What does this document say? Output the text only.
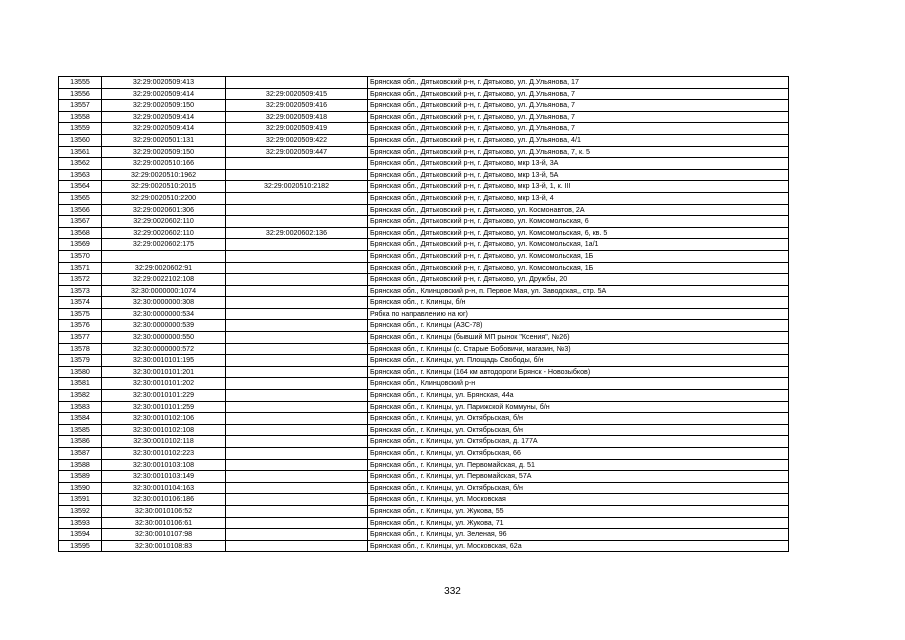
13555	32:29:0020509:413		Брянская обл., Дятьковский р-н, г. Дятьково, ул. Д.Ульянова, 17
13556	32:29:0020509:414	32:29:0020509:415	Брянская обл., Дятьковский р-н, г. Дятьково, ул. Д.Ульянова, 7
13557	32:29:0020509:150	32:29:0020509:416	Брянская обл., Дятьковский р-н, г. Дятьково, ул. Д.Ульянова, 7
13558	32:29:0020509:414	32:29:0020509:418	Брянская обл., Дятьковский р-н, г. Дятьково, ул. Д.Ульянова, 7
13559	32:29:0020509:414	32:29:0020509:419	Брянская обл., Дятьковский р-н, г. Дятьково, ул. Д.Ульянова, 7
13560	32:29:0020501:131	32:29:0020509:422	Брянская обл., Дятьковский р-н, г. Дятьково, ул. Д.Ульянова, 4/1
13561	32:29:0020509:150	32:29:0020509:447	Брянская обл., Дятьковский р-н, г. Дятьково, ул. Д.Ульянова, 7, к. 5
13562	32:29:0020510:166		Брянская обл., Дятьковский р-н, г. Дятьково, мкр 13-й, 3А
13563	32:29:0020510:1962		Брянская обл., Дятьковский р-н, г. Дятьково, мкр 13-й, 5А
13564	32:29:0020510:2015	32:29:0020510:2182	Брянская обл., Дятьковский р-н, г. Дятьково, мкр 13-й, 1, к. III
13565	32:29:0020510:2200		Брянская обл., Дятьковский р-н, г. Дятьково, мкр 13-й, 4
13566	32:29:0020601:306		Брянская обл., Дятьковский р-н, г. Дятьково, ул. Космонавтов, 2А
13567	32:29:0020602:110		Брянская обл., Дятьковский р-н, г. Дятьково, ул. Комсомольская, 6
13568	32:29:0020602:110	32:29:0020602:136	Брянская обл., Дятьковский р-н, г. Дятьково, ул. Комсомольская, 6, кв. 5
13569	32:29:0020602:175		Брянская обл., Дятьковский р-н, г. Дятьково, ул. Комсомольская, 1а/1
13570			Брянская обл., Дятьковский р-н, г. Дятьково, ул. Комсомольская, 1Б
13571	32:29:0020602:91		Брянская обл., Дятьковский р-н, г. Дятьково, ул. Комсомольская, 1Б
13572	32:29:0022102:108		Брянская обл., Дятьковский р-н, г. Дятьково, ул. Дружбы, 20
13573	32:30:0000000:1074		Брянская обл., Клинцовский р-н, п. Первое Мая, ул. Заводская,, стр. 5А
13574	32:30:0000000:308		Брянская обл., г. Клинцы, б/н
13575	32:30:0000000:534		Рябка по направлению на юг)
13576	32:30:0000000:539		Брянская обл., г. Клинцы (АЗС-78)
13577	32:30:0000000:550		Брянская обл., г. Клинцы (бывший МП рынок "Ксения", №26)
13578	32:30:0000000:572		Брянская обл., г. Клинцы (с. Старые Бобовичи, магазин, №3)
13579	32:30:0010101:195		Брянская обл., г. Клинцы, ул. Площадь Свободы, б/н
13580	32:30:0010101:201		Брянская обл., г. Клинцы (164 км автодороги Брянск - Новозыбков)
13581	32:30:0010101:202		Брянская обл., Клинцовский р-н
13582	32:30:0010101:229		Брянская обл., г. Клинцы, ул. Брянская, 44а
13583	32:30:0010101:259		Брянская обл., г. Клинцы, ул. Парижской Коммуны, б/н
13584	32:30:0010102:106		Брянская обл., г. Клинцы, ул. Октябрьская, б/н
13585	32:30:0010102:108		Брянская обл., г. Клинцы, ул. Октябрьская, б/н
13586	32:30:0010102:118		Брянская обл., г. Клинцы, ул. Октябрьская, д. 177А
13587	32:30:0010102:223		Брянская обл., г. Клинцы, ул. Октябрьская, 66
13588	32:30:0010103:108		Брянская обл., г. Клинцы, ул. Первомайская, д. 51
13589	32:30:0010103:149		Брянская обл., г. Клинцы, ул. Первомайская, 57А
13590	32:30:0010104:163		Брянская обл., г. Клинцы, ул. Октябрьская, б/н
13591	32:30:0010106:186		Брянская обл., г. Клинцы, ул. Московская
13592	32:30:0010106:52		Брянская обл., г. Клинцы, ул. Жукова, 55
13593	32:30:0010106:61		Брянская обл., г. Клинцы, ул. Жукова, 71
13594	32:30:0010107:98		Брянская обл., г. Клинцы, ул. Зеленая, 96
13595	32:30:0010108:83		Брянская обл., г. Клинцы, ул. Московская, 62а
332
